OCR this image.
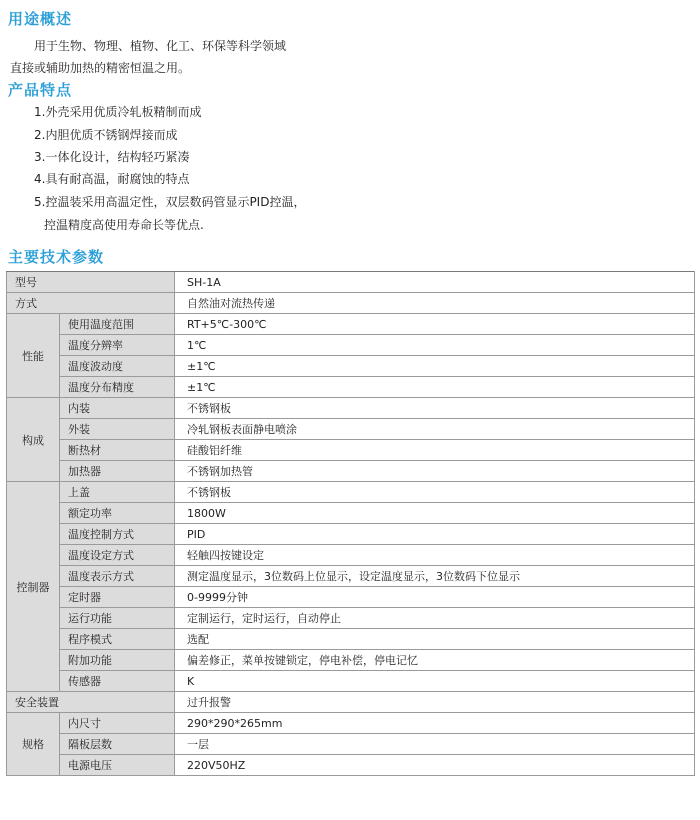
用途概述
用于生物、物理、植物、化工、环保等科学领域
直接或辅助加热的精密恒温之用。
产品特点
1.外壳采用优质冷轧板精制而成
2.内胆优质不锈钢焊接而成
3.一体化设计，结构轻巧紧凑
4.具有耐高温，耐腐蚀的特点
5.控温装采用高温定性，双层数码管显示PID控温，
控温精度高使用寿命长等优点.
主要技术参数
型号		SH-1A
方式		自然油对流热传递
性能	使用温度范围	RT+5℃-300℃
	温度分辨率	1℃
	温度波动度	±1℃
	温度分布精度	±1℃
构成	内装	不锈钢板
	外装	冷轧钢板表面静电喷涂
	断热材	硅酸铝纤维
	加热器	不锈钢加热管
控制器	上盖	不锈钢板
	额定功率	1800W
	温度控制方式	PID
	温度设定方式	轻触四按键设定
	温度表示方式	测定温度显示，3位数码上位显示，设定温度显示，3位数码下位显示
	定时器	0-9999分钟
	运行功能	定制运行，定时运行，自动停止
	程序模式	选配
	附加功能	偏差修正，菜单按键锁定，停电补偿，停电记忆
	传感器	K
安全装置		过升报警
规格	内尺寸	290*290*265mm
	隔板层数	一层
	电源电压	220V50HZ
